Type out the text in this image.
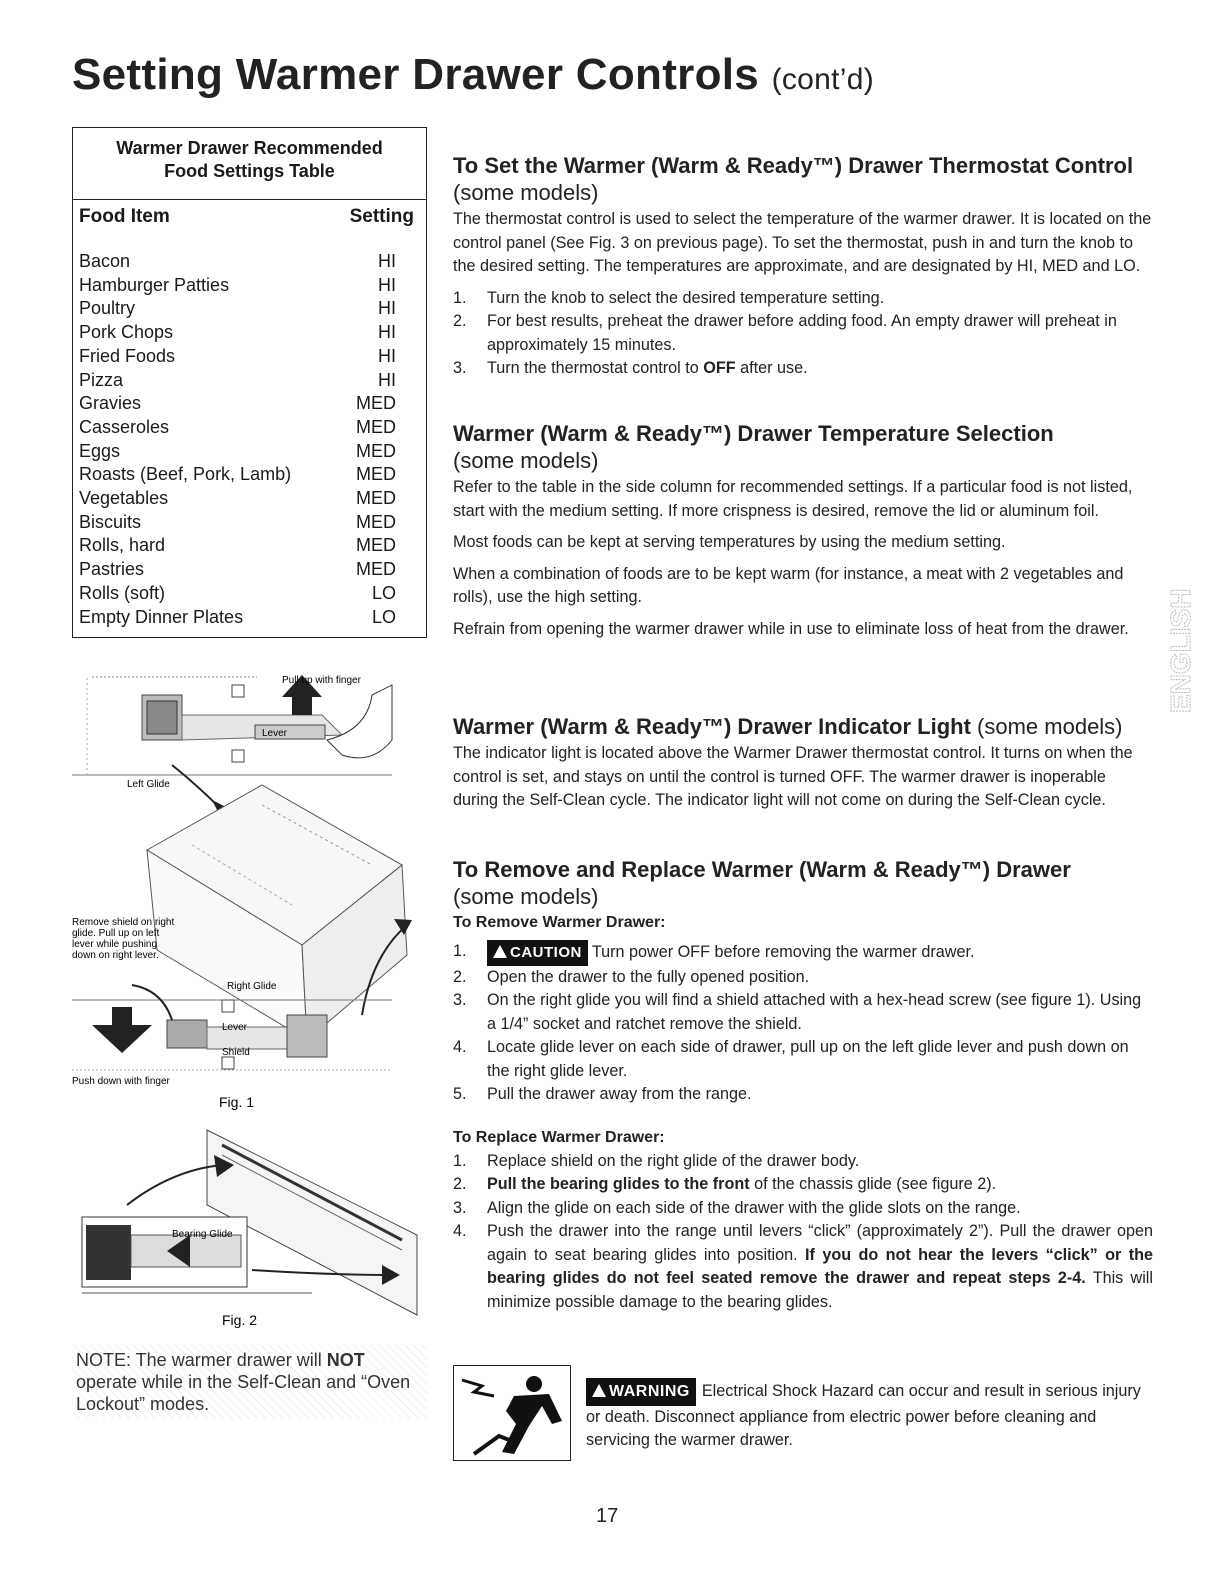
Setting Warmer Drawer Controls (cont’d)
Warmer Drawer Recommended
Food Settings Table
Food Item	Setting
Bacon	HI
Hamburger Patties	HI
Poultry	HI
Pork Chops	HI
Fried Foods	HI
Pizza	HI
Gravies	MED
Casseroles	MED
Eggs	MED
Roasts (Beef, Pork, Lamb)	MED
Vegetables	MED
Biscuits	MED
Rolls, hard	MED
Pastries	MED
Rolls (soft)	LO
Empty Dinner Plates	LO
Lever
Pull up with finger
Left Glide
Remove shield on right glide. Pull up on left lever while pushing down on right lever.
Right Glide
Lever
Shield
Push down with finger
Fig. 1
Bearing Glide
Fig. 2
NOTE: The warmer drawer will NOT operate while in the Self-Clean and “Oven Lockout” modes.
To Set the Warmer (Warm & Ready™) Drawer Thermostat Control (some models)

The thermostat control is used to select the temperature of the warmer drawer. It is located on the control panel (See Fig. 3 on previous page). To set the thermostat, push in and turn the knob to the desired setting. The temperatures are approximate, and are designated by HI, MED and LO.

1. Turn the knob to select the desired temperature setting.
2. For best results, preheat the drawer before adding food. An empty drawer will preheat in approximately 15 minutes.
3. Turn the thermostat control to OFF after use.
Warmer (Warm & Ready™) Drawer Temperature Selection
(some models)

Refer to the table in the side column for recommended settings. If a particular food is not listed, start with the medium setting. If more crispness is desired, remove the lid or aluminum foil.

Most foods can be kept at serving temperatures by using the medium setting.

When a combination of foods are to be kept warm (for instance, a meat with 2 vegetables and rolls), use the high setting.

Refrain from opening the warmer drawer while in use to eliminate loss of heat from the drawer.

Warmer (Warm & Ready™) Drawer Indicator Light (some models)

The indicator light is located above the Warmer Drawer thermostat control. It turns on when the control is set, and stays on until the control is turned OFF. The warmer drawer is inoperable during the Self-Clean cycle. The indicator light will not come on during the Self-Clean cycle.

To Remove and Replace Warmer (Warm & Ready™) Drawer
(some models)
To Remove Warmer Drawer:
1.	CAUTION Turn power OFF before removing the warmer drawer.
2. Open the drawer to the fully opened position.
3. On the right glide you will find a shield attached with a hex-head screw (see figure 1). Using a 1/4” socket and ratchet remove the shield.
4. Locate glide lever on each side of drawer, pull up on the left glide lever and push down on the right glide lever.
5. Pull the drawer away from the range.
To Replace Warmer Drawer:
1. Replace shield on the right glide of the drawer body.
2. Pull the bearing glides to the front of the chassis glide (see figure 2).
3. Align the glide on each side of the drawer with the glide slots on the range.
4. Push the drawer into the range until levers “click” (approximately 2”). Pull the drawer open again to seat bearing glides into position. If you do not hear the levers “click” or the bearing glides do not feel seated remove the drawer and repeat steps 2-4. This will minimize possible damage to the bearing glides.
WARNING Electrical Shock Hazard can occur and result in serious injury or death. Disconnect appliance from electric power before cleaning and servicing the warmer drawer.
ENGLISH
17
